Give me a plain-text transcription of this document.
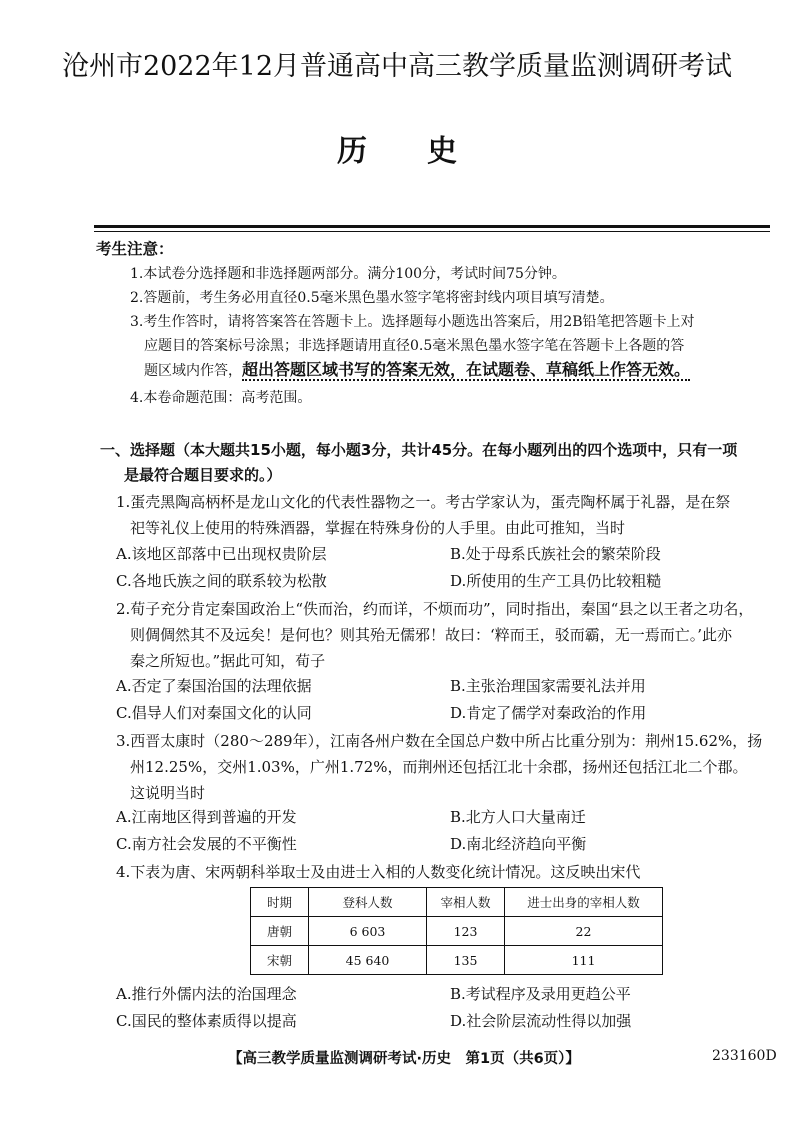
沧州市2022年12月普通高中高三教学质量监测调研考试
历史
考生注意：
1.本试卷分选择题和非选择题两部分。满分100分，考试时间75分钟。
2.答题前，考生务必用直径0.5毫米黑色墨水签字笔将密封线内项目填写清楚。
3.考生作答时，请将答案答在答题卡上。选择题每小题选出答案后，用2B铅笔把答题卡上对
应题目的答案标号涂黑；非选择题请用直径0.5毫米黑色墨水签字笔在答题卡上各题的答
题区域内作答，超出答题区域书写的答案无效，在试题卷、草稿纸上作答无效。
4.本卷命题范围：高考范围。
一、选择题（本大题共15小题，每小题3分，共计45分。在每小题列出的四个选项中，只有一项
是最符合题目要求的。）
1.蛋壳黑陶高柄杯是龙山文化的代表性器物之一。考古学家认为，蛋壳陶杯属于礼器，是在祭
祀等礼仪上使用的特殊酒器，掌握在特殊身份的人手里。由此可推知，当时
A.该地区部落中已出现权贵阶层	B.处于母系氏族社会的繁荣阶段
C.各地氏族之间的联系较为松散	D.所使用的生产工具仍比较粗糙
2.荀子充分肯定秦国政治上“佚而治，约而详，不烦而功”，同时指出，秦国“县之以王者之功名，
则倜倜然其不及远矣！是何也？则其殆无儒邪！故曰：‘粹而王，驳而霸，无一焉而亡。’此亦
秦之所短也。”据此可知，荀子
A.否定了秦国治国的法理依据	B.主张治理国家需要礼法并用
C.倡导人们对秦国文化的认同	D.肯定了儒学对秦政治的作用
3.西晋太康时（280～289年），江南各州户数在全国总户数中所占比重分别为：荆州15.62%，扬
州12.25%，交州1.03%，广州1.72%，而荆州还包括江北十余郡，扬州还包括江北二个郡。
这说明当时
A.江南地区得到普遍的开发	B.北方人口大量南迁
C.南方社会发展的不平衡性	D.南北经济趋向平衡
4.下表为唐、宋两朝科举取士及由进士入相的人数变化统计情况。这反映出宋代
时期	登科人数	宰相人数	进士出身的宰相人数
唐朝	6 603	123	22
宋朝	45 640	135	111
A.推行外儒内法的治国理念	B.考试程序及录用更趋公平
C.国民的整体素质得以提高	D.社会阶层流动性得以加强
【高三教学质量监测调研考试·历史　第1页（共6页）】	233160D
